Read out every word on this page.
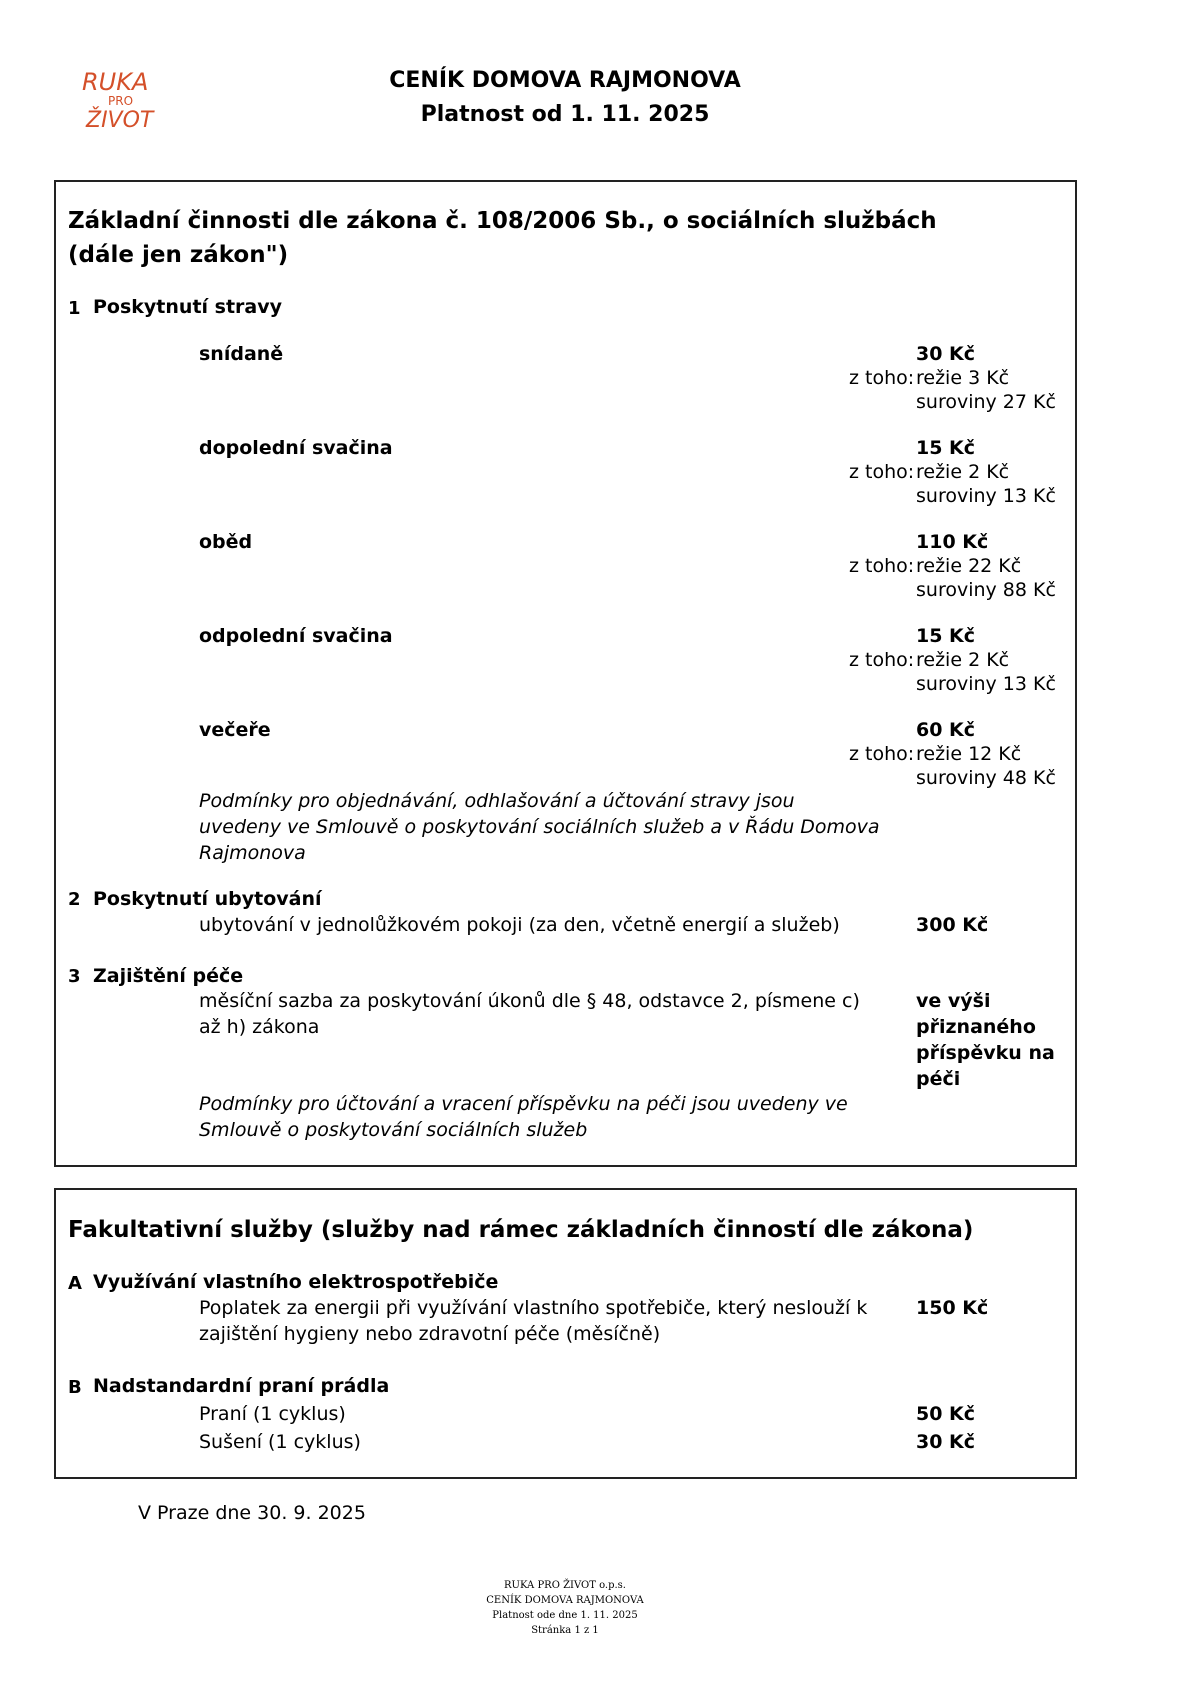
RUKA
PRO
ŽIVOT
CENÍK DOMOVA RAJMONOVA
Platnost od 1. 11. 2025
Základní činnosti dle zákona č. 108/2006 Sb., o sociálních službách
(dále jen zákon")
1 Poskytnutí stravy
snídaně	30 Kč
z toho: režie 3 Kč
suroviny 27 Kč
dopolední svačina	15 Kč
z toho: režie 2 Kč
suroviny 13 Kč
oběd	110 Kč
z toho: režie 22 Kč
suroviny 88 Kč
odpolední svačina	15 Kč
z toho: režie 2 Kč
suroviny 13 Kč
večeře	60 Kč
z toho: režie 12 Kč
suroviny 48 Kč
Podmínky pro objednávání, odhlašování a účtování stravy jsou
uvedeny ve Smlouvě o poskytování sociálních služeb a v Řádu Domova
Rajmonova
2 Poskytnutí ubytování
ubytování v jednolůžkovém pokoji (za den, včetně energií a služeb)	300 Kč
3 Zajištění péče
měsíční sazba za poskytování úkonů dle § 48, odstavce 2, písmene c)
až h) zákona
ve výši
přiznaného
příspěvku na
péči
Podmínky pro účtování a vracení příspěvku na péči jsou uvedeny ve
Smlouvě o poskytování sociálních služeb
Fakultativní služby (služby nad rámec základních činností dle zákona)
A Využívání vlastního elektrospotřebiče
Poplatek za energii při využívání vlastního spotřebiče, který neslouží k
zajištění hygieny nebo zdravotní péče (měsíčně)
150 Kč
B Nadstandardní praní prádla
Praní (1 cyklus)	50 Kč
Sušení (1 cyklus)	30 Kč
V Praze dne 30. 9. 2025
RUKA PRO ŽIVOT o.p.s.
CENÍK DOMOVA RAJMONOVA
Platnost ode dne 1. 11. 2025
Stránka 1 z 1
